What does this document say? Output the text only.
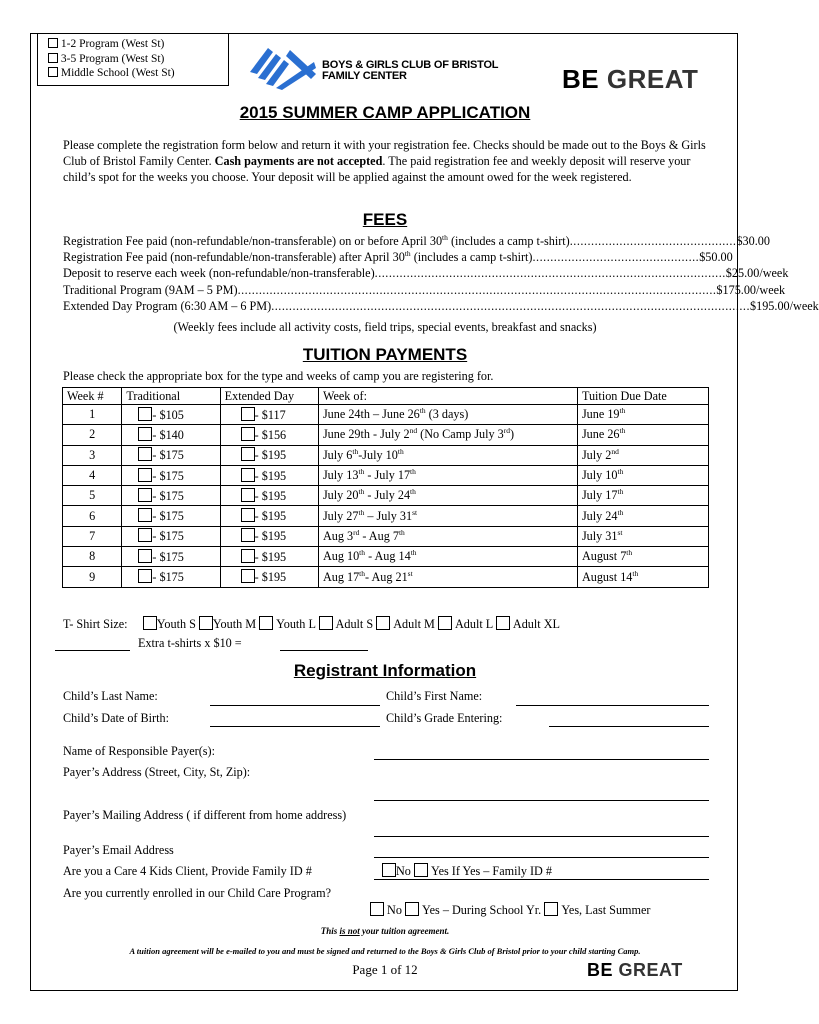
1-2 Program (West St)
3-5 Program (West St)
Middle School (West St)
BOYS & GIRLS CLUB OF BRISTOL
FAMILY CENTER	BE GREAT
2015 SUMMER CAMP APPLICATION
Please complete the registration form below and return it with your registration fee. Checks should be made out to the Boys & Girls Club of Bristol Family Center. Cash payments are not accepted. The paid registration fee and weekly deposit will reserve your child’s spot for the weeks you choose. Your deposit will be applied against the amount owed for the week registered.
FEES
Registration Fee paid (non-refundable/non-transferable) on or before April 30th (includes a camp t-shirt) ............................................... $30.00
Registration Fee paid (non-refundable/non-transferable) after April 30th (includes a camp t-shirt) ............................................... $50.00
Deposit to reserve each week (non-refundable/non-transferable) ................................................................................................... $25.00/week
Traditional Program (9AM – 5 PM) ....................................................................................................................................... $175.00/week
Extended Day Program (6:30 AM – 6 PM) ....................................................................................................................................... $195.00/week
(Weekly fees include all activity costs, field trips, special events, breakfast and snacks)
TUITION PAYMENTS
Please check the appropriate box for the type and weeks of camp you are registering for.
Week #	Traditional	Extended Day	Week of:	Tuition Due Date
1	- $105	- $117	June 24th – June 26th (3 days)	June 19th
2	- $140	- $156	June 29th - July 2nd (No Camp July 3rd)	June 26th
3	- $175	- $195	July 6th-July 10th	July 2nd
4	- $175	- $195	July 13th - July 17th	July 10th
5	- $175	- $195	July 20th - July 24th	July 17th
6	- $175	- $195	July 27th – July 31st	July 24th
7	- $175	- $195	Aug 3rd - Aug 7th	July 31st
8	- $175	- $195	Aug 10th - Aug 14th	August 7th
9	- $175	- $195	Aug 17th- Aug 21st	August 14th
T- Shirt Size: Youth S Youth M Youth L Adult S Adult M Adult L Adult XL
Extra t-shirts x $10 =
Registrant Information
Child’s Last Name:	Child’s First Name:
Child’s Date of Birth:	Child’s Grade Entering:
Name of Responsible Payer(s):
Payer’s Address (Street, City, St, Zip):
Payer’s Mailing Address ( if different from home address)
Payer’s Email Address
Are you a Care 4 Kids Client, Provide Family ID #	No Yes If Yes – Family ID #
Are you currently enrolled in our Child Care Program?
No Yes – During School Yr. Yes, Last Summer
This is not your tuition agreement.
A tuition agreement will be e-mailed to you and must be signed and returned to the Boys & Girls Club of Bristol prior to your child starting Camp.
Page 1 of 12	BE GREAT
